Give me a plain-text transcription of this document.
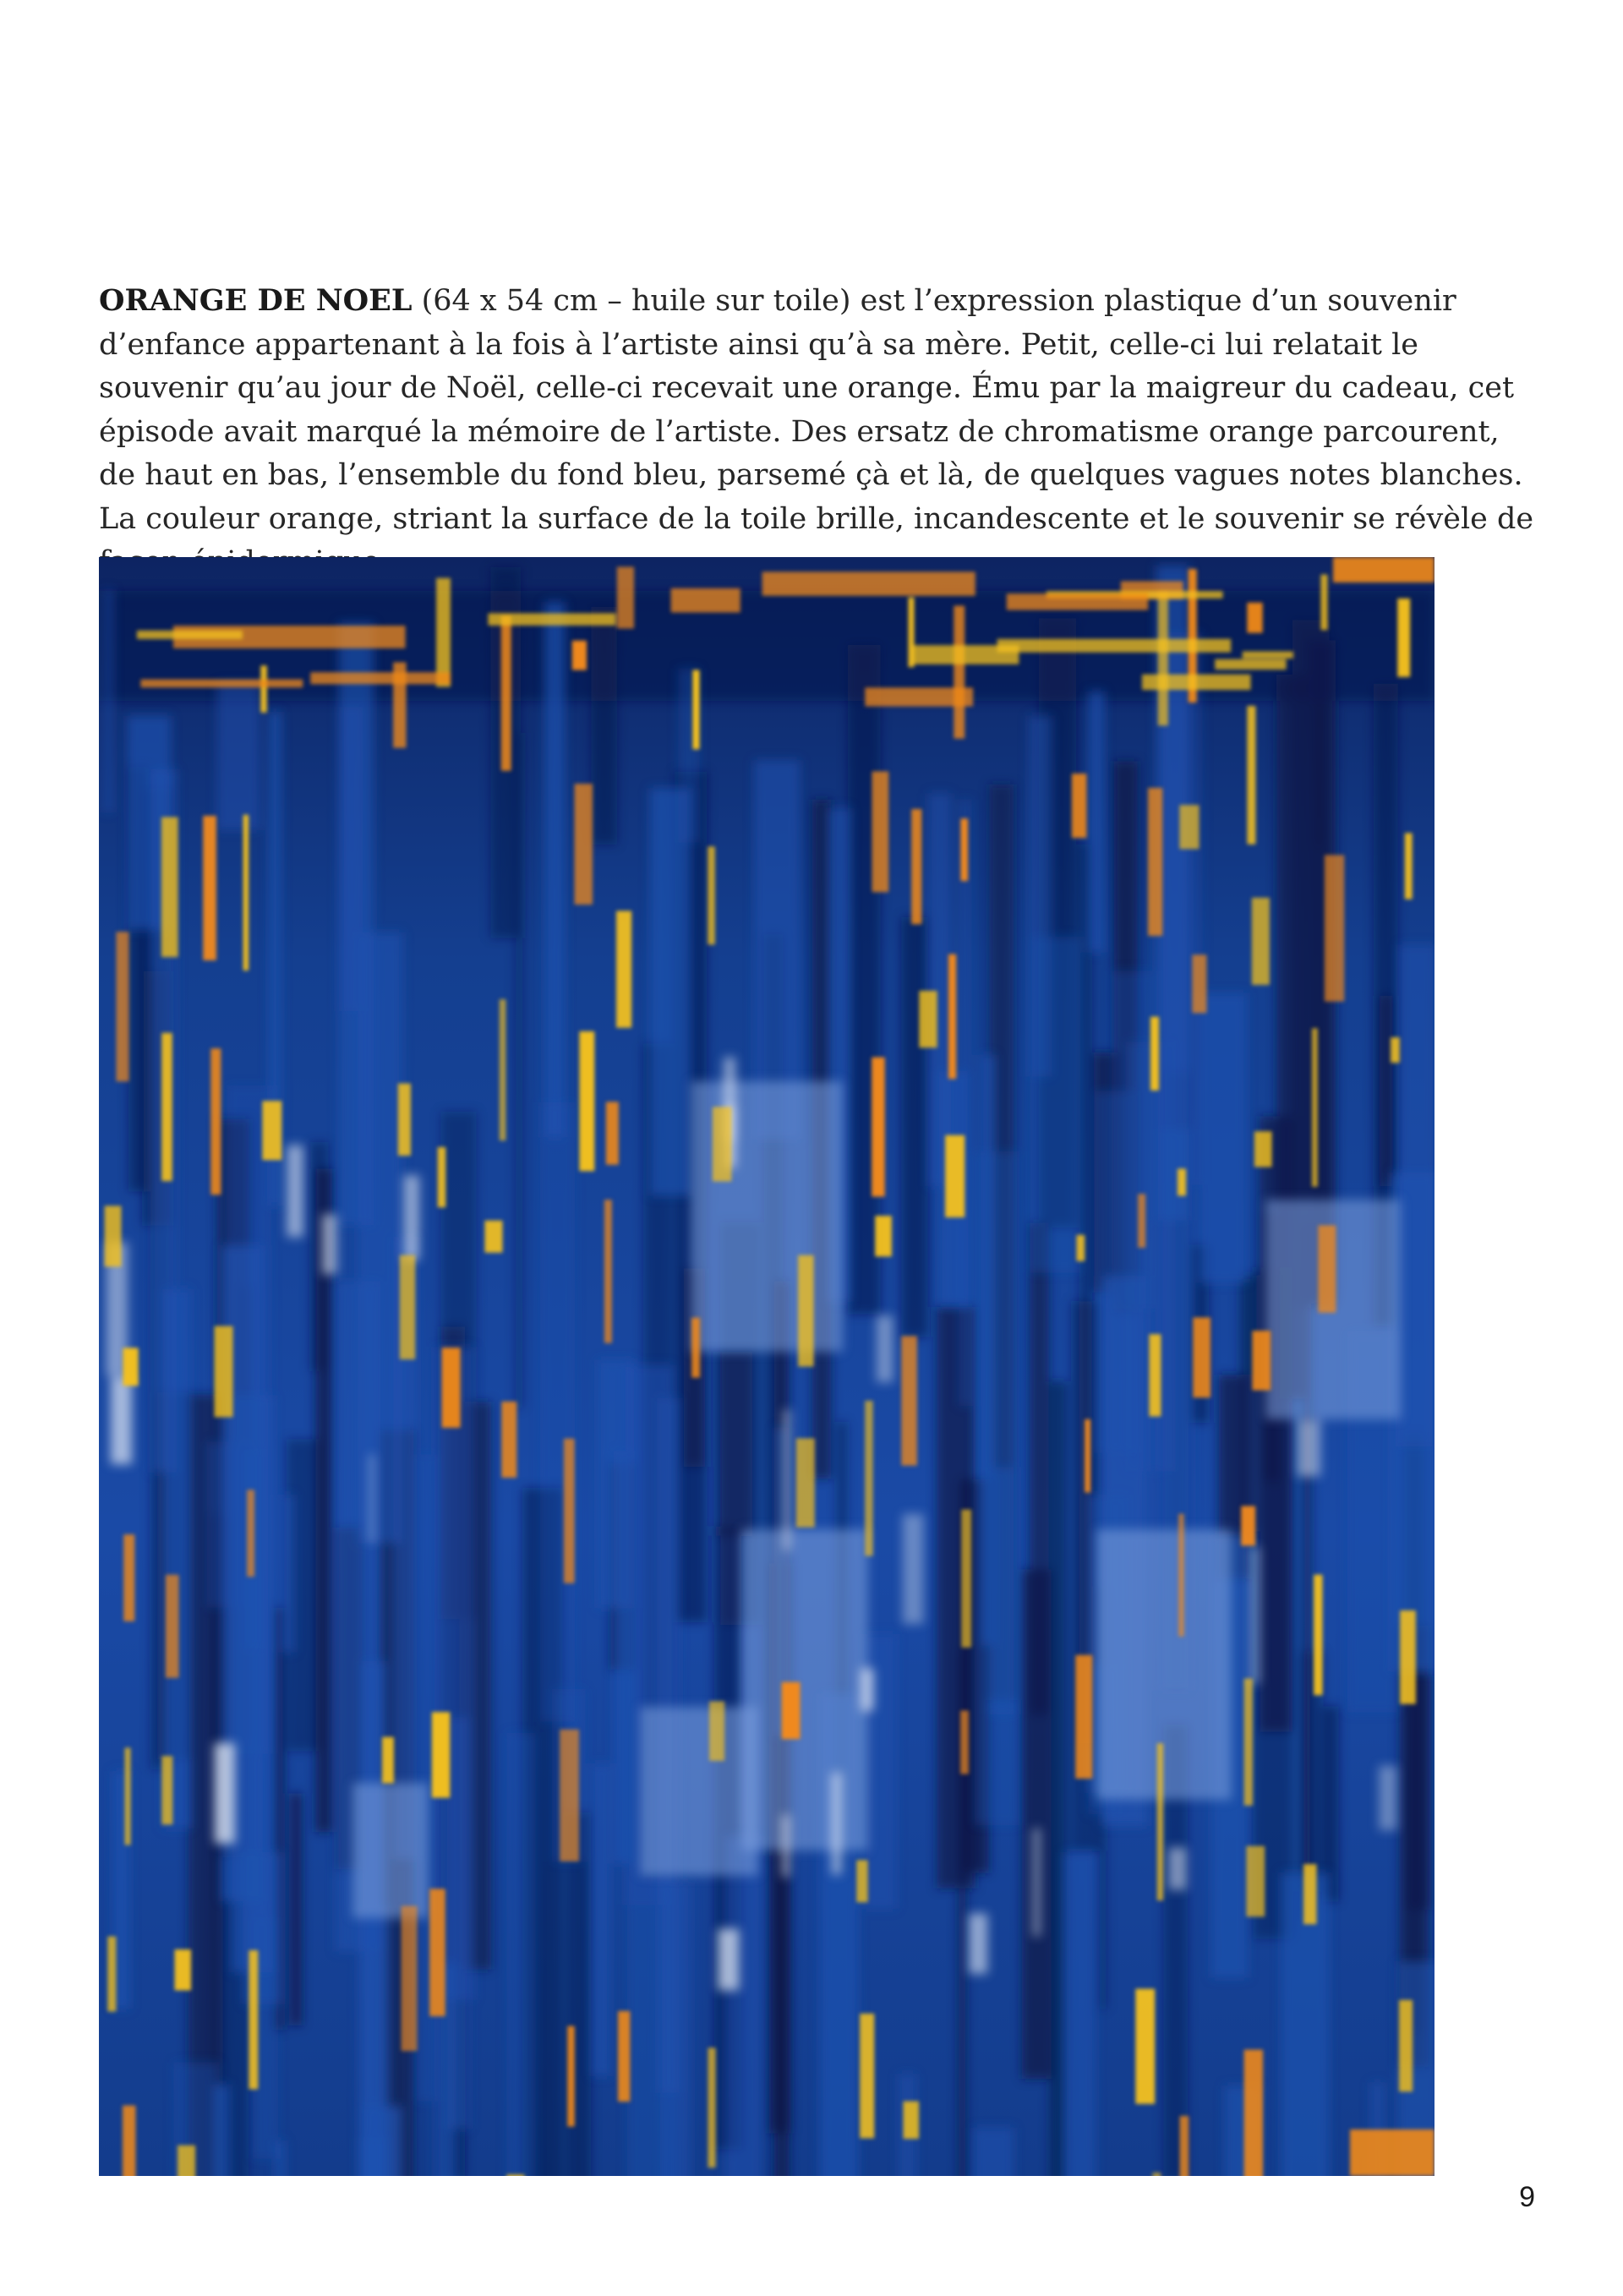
ORANGE DE NOEL (64 x 54 cm – huile sur toile) est l’expression plastique d’un souvenir d’enfance appartenant à la fois à l’artiste ainsi qu’à sa mère. Petit, celle-ci lui relatait le souvenir qu’au jour de Noël, celle-ci recevait une orange. Ému par la maigreur du cadeau, cet épisode avait marqué la mémoire de l’artiste. Des ersatz de chromatisme orange parcourent, de haut en bas, l’ensemble du fond bleu, parsemé çà et là, de quelques vagues notes blanches. La couleur orange, striant la surface de la toile brille, incandescente et le souvenir se révèle de

9
